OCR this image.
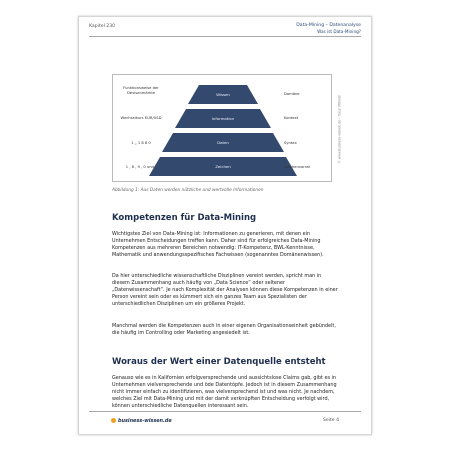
Kapitel 230	Data-Mining – Datenanalyse
Was ist Data-Mining?
Wissen
Information
Daten
Zeichen
Funktionsweise der Devisenmärkte
Wechselkurs EUR/USD
1 „ 1 8 8 0
1 , 8 , 9 , 0 und .
Domäne
Kontext
Syntax
Zeichenvorrat
© www.business-wissen.de – Tyrun Pöhlein
Abbildung 1: Aus Daten werden nützliche und wertvolle Informationen
Kompetenzen für Data-Mining

Wichtigstes Ziel von Data-Mining ist: Informationen zu generieren, mit denen ein Unternehmen Entscheidungen treffen kann. Daher sind für erfolgreiches Data-Mining Kompetenzen aus mehreren Bereichen notwendig: IT-Kompetenz, BWL-Kenntnisse, Mathematik und anwendungsspezifisches Fachwissen (sogenanntes Domänenwissen).

Da hier unterschiedliche wissenschaftliche Disziplinen vereint werden, spricht man in diesem Zusammenhang auch häufig von „Data Science“ oder seltener „Datenwissenschaft“. Je nach Komplexität der Analysen können diese Kompetenzen in einer Person vereint sein oder es kümmert sich ein ganzes Team aus Spezialisten der unterschiedlichen Disziplinen um ein größeres Projekt.

Manchmal werden die Kompetenzen auch in einer eigenen Organisationseinheit gebündelt, die häufig im Controlling oder Marketing angesiedelt ist.

Woraus der Wert einer Datenquelle entsteht

Genauso wie es in Kalifornien erfolgversprechende und aussichtslose Claims gab, gibt es in Unternehmen vielversprechende und öde Datentöpfe. Jedoch ist in diesem Zusammenhang nicht immer einfach zu identifizieren, was vielversprechend ist und was nicht. Je nachdem, welches Ziel mit Data-Mining und mit der damit verknüpften Entscheidung verfolgt wird, können unterschiedliche Datenquellen interessant sein.

business-wissen.de	Seite 4
